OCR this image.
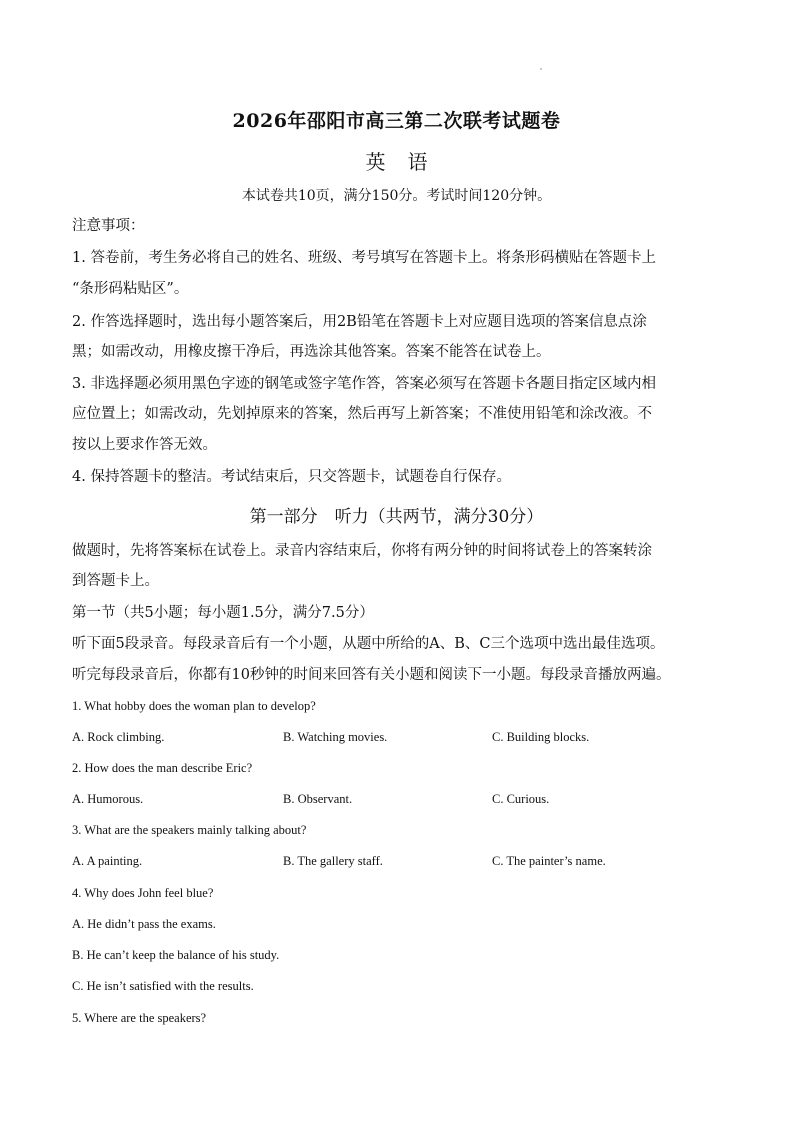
2026年邵阳市高三第二次联考试题卷
英语
本试卷共10页，满分150分。考试时间120分钟。
注意事项：
1. 答卷前，考生务必将自己的姓名、班级、考号填写在答题卡上。将条形码横贴在答题卡上
“条形码粘贴区”。
2. 作答选择题时，选出每小题答案后，用2B铅笔在答题卡上对应题目选项的答案信息点涂
黑；如需改动，用橡皮擦干净后，再选涂其他答案。答案不能答在试卷上。
3. 非选择题必须用黑色字迹的钢笔或签字笔作答，答案必须写在答题卡各题目指定区域内相
应位置上；如需改动，先划掉原来的答案，然后再写上新答案；不准使用铅笔和涂改液。不
按以上要求作答无效。
4. 保持答题卡的整洁。考试结束后，只交答题卡，试题卷自行保存。
第一部分　听力（共两节，满分30分）
做题时，先将答案标在试卷上。录音内容结束后，你将有两分钟的时间将试卷上的答案转涂
到答题卡上。
第一节（共5小题；每小题1.5分，满分7.5分）
听下面5段录音。每段录音后有一个小题，从题中所给的A、B、C三个选项中选出最佳选项。
听完每段录音后，你都有10秒钟的时间来回答有关小题和阅读下一小题。每段录音播放两遍。
1. What hobby does the woman plan to develop?
A. Rock climbing.	B. Watching movies.	C. Building blocks.
2. How does the man describe Eric?
A. Humorous.	B. Observant.	C. Curious.
3. What are the speakers mainly talking about?
A. A painting.	B. The gallery staff.	C. The painter’s name.
4. Why does John feel blue?
A. He didn’t pass the exams.
B. He can’t keep the balance of his study.
C. He isn’t satisfied with the results.
5. Where are the speakers?
